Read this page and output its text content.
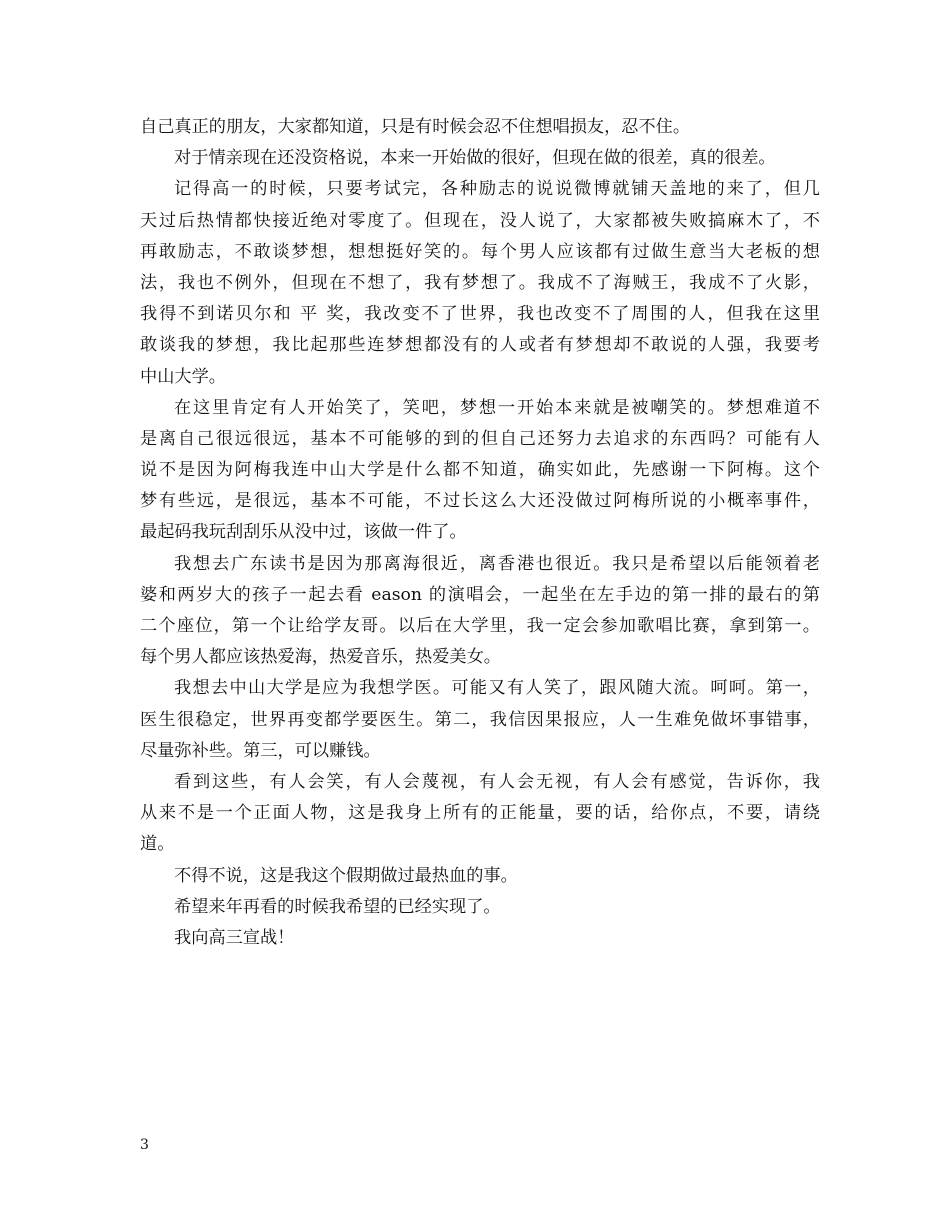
自己真正的朋友，大家都知道，只是有时候会忍不住想唱损友，忍不住。
对于情亲现在还没资格说，本来一开始做的很好，但现在做的很差，真的很差。
记得高一的时候，只要考试完，各种励志的说说微博就铺天盖地的来了，但几
天过后热情都快接近绝对零度了。但现在，没人说了，大家都被失败搞麻木了，不
再敢励志，不敢谈梦想，想想挺好笑的。每个男人应该都有过做生意当大老板的想
法，我也不例外，但现在不想了，我有梦想了。我成不了海贼王，我成不了火影，
我得不到诺贝尔和 平 奖，我改变不了世界，我也改变不了周围的人，但我在这里
敢谈我的梦想，我比起那些连梦想都没有的人或者有梦想却不敢说的人强，我要考
中山大学。
在这里肯定有人开始笑了，笑吧，梦想一开始本来就是被嘲笑的。梦想难道不
是离自己很远很远，基本不可能够的到的但自己还努力去追求的东西吗？可能有人
说不是因为阿梅我连中山大学是什么都不知道，确实如此，先感谢一下阿梅。这个
梦有些远，是很远，基本不可能，不过长这么大还没做过阿梅所说的小概率事件，
最起码我玩刮刮乐从没中过，该做一件了。
我想去广东读书是因为那离海很近，离香港也很近。我只是希望以后能领着老
婆和两岁大的孩子一起去看 eason 的演唱会，一起坐在左手边的第一排的最右的第
二个座位，第一个让给学友哥。以后在大学里，我一定会参加歌唱比赛，拿到第一。
每个男人都应该热爱海，热爱音乐，热爱美女。
我想去中山大学是应为我想学医。可能又有人笑了，跟风随大流。呵呵。第一，
医生很稳定，世界再变都学要医生。第二，我信因果报应，人一生难免做坏事错事，
尽量弥补些。第三，可以赚钱。
看到这些，有人会笑，有人会蔑视，有人会无视，有人会有感觉，告诉你，我
从来不是一个正面人物，这是我身上所有的正能量，要的话，给你点，不要，请绕
道。
不得不说，这是我这个假期做过最热血的事。
希望来年再看的时候我希望的已经实现了。
我向高三宣战！
3
